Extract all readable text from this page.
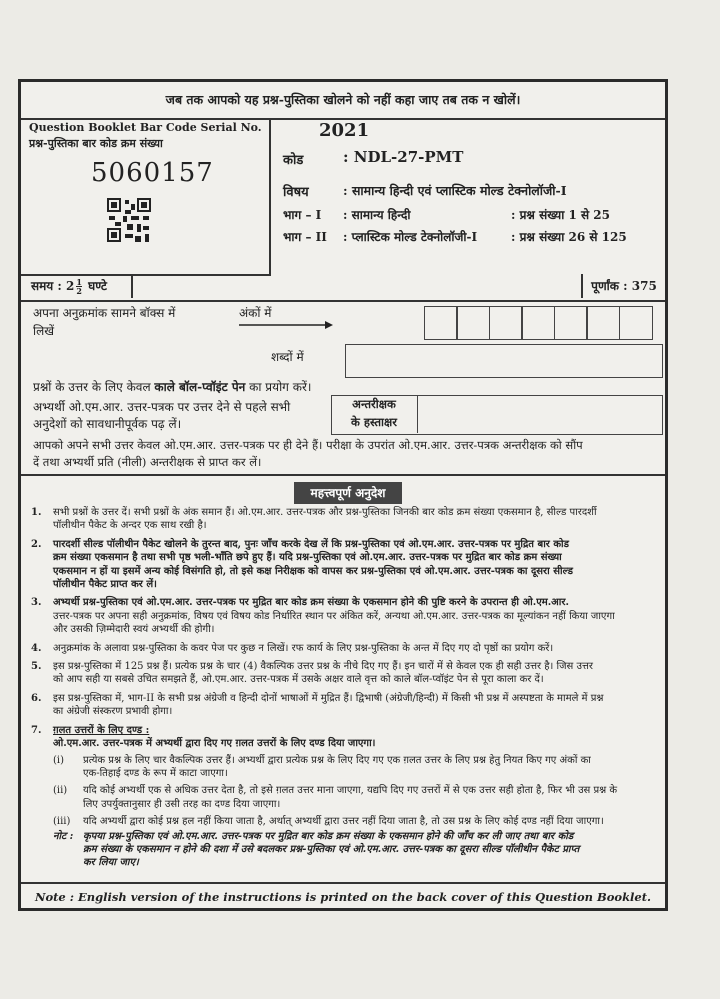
जब तक आपको यह प्रश्न-पुस्तिका खोलने को नहीं कहा जाए तब तक न खोलें।
Question Booklet Bar Code Serial No.
प्रश्न-पुस्तिका बार कोड क्रम संख्या
5060157
2021
कोड	: NDL-27-PMT
विषय	: सामान्य हिन्दी एवं प्लास्टिक मोल्ड टेक्नोलॉजी-I
भाग – I : सामान्य हिन्दी	: प्रश्न संख्या 1 से 25
भाग – II : प्लास्टिक मोल्ड टेक्नोलॉजी-I	: प्रश्न संख्या 26 से 125
समय : $2 \frac{1}{2}$ घण्टे	पूर्णांक : 375
अपना अनुक्रमांक सामने बॉक्स में
लिखें
अंकों में
शब्दों में
प्रश्नों के उत्तर के लिए केवल काले बॉल-प्वॉइंट पेन का प्रयोग करें।
अभ्यर्थी ओ.एम.आर. उत्तर-पत्रक पर उत्तर देने से पहले सभी
अनुदेशों को सावधानीपूर्वक पढ़ लें।
अन्तरीक्षक
के हस्ताक्षर
आपको अपने सभी उत्तर केवल ओ.एम.आर. उत्तर-पत्रक पर ही देने हैं। परीक्षा के उपरांत ओ.एम.आर. उत्तर-पत्रक अन्तरीक्षक को सौंप
दें तथा अभ्यर्थी प्रति (नीली) अन्तरीक्षक से प्राप्त कर लें।
महत्त्वपूर्ण अनुदेश
1. सभी प्रश्नों के उत्तर दें। सभी प्रश्नों के अंक समान हैं। ओ.एम.आर. उत्तर-पत्रक और प्रश्न-पुस्तिका जिनकी बार कोड क्रम संख्या एकसमान है, सील्ड पारदर्शी
पॉलीथीन पैकेट के अन्दर एक साथ रखी है।
2. पारदर्शी सील्ड पॉलीथीन पैकेट खोलने के तुरन्त बाद, पुनः जाँच करके देख लें कि प्रश्न-पुस्तिका एवं ओ.एम.आर. उत्तर-पत्रक पर मुद्रित बार कोड
क्रम संख्या एकसमान है तथा सभी पृष्ठ भली-भाँति छपे हुए हैं। यदि प्रश्न-पुस्तिका एवं ओ.एम.आर. उत्तर-पत्रक पर मुद्रित बार कोड क्रम संख्या
एकसमान न हों या इसमें अन्य कोई विसंगति हो, तो इसे कक्ष निरीक्षक को वापस कर प्रश्न-पुस्तिका एवं ओ.एम.आर. उत्तर-पत्रक का दूसरा सील्ड
पॉलीथीन पैकेट प्राप्त कर लें।
3. अभ्यर्थी प्रश्न-पुस्तिका एवं ओ.एम.आर. उत्तर-पत्रक पर मुद्रित बार कोड क्रम संख्या के एकसमान होने की पुष्टि करने के उपरान्त ही ओ.एम.आर.
उत्तर-पत्रक पर अपना सही अनुक्रमांक, विषय एवं विषय कोड निर्धारित स्थान पर अंकित करें, अन्यथा ओ.एम.आर. उत्तर-पत्रक का मूल्यांकन नहीं किया जाएगा
और उसकी ज़िम्मेदारी स्वयं अभ्यर्थी की होगी।
4. अनुक्रमांक के अलावा प्रश्न-पुस्तिका के कवर पेज पर कुछ न लिखें। रफ कार्य के लिए प्रश्न-पुस्तिका के अन्त में दिए गए दो पृष्ठों का प्रयोग करें।
5. इस प्रश्न-पुस्तिका में 125 प्रश्न हैं। प्रत्येक प्रश्न के चार (4) वैकल्पिक उत्तर प्रश्न के नीचे दिए गए हैं। इन चारों में से केवल एक ही सही उत्तर है। जिस उत्तर
को आप सही या सबसे उचित समझते हैं, ओ.एम.आर. उत्तर-पत्रक में उसके अक्षर वाले वृत्त को काले बॉल-प्वॉइंट पेन से पूरा काला कर दें।
6. इस प्रश्न-पुस्तिका में, भाग-II के सभी प्रश्न अंग्रेजी व हिन्दी दोनों भाषाओं में मुद्रित हैं। द्विभाषी (अंग्रेजी/हिन्दी) में किसी भी प्रश्न में अस्पष्टता के मामले में प्रश्न
का अंग्रेजी संस्करण प्रभावी होगा।
7. ग़लत उत्तरों के लिए दण्ड :
ओ.एम.आर. उत्तर-पत्रक में अभ्यर्थी द्वारा दिए गए ग़लत उत्तरों के लिए दण्ड दिया जाएगा।
(i) प्रत्येक प्रश्न के लिए चार वैकल्पिक उत्तर हैं। अभ्यर्थी द्वारा प्रत्येक प्रश्न के लिए दिए गए एक ग़लत उत्तर के लिए प्रश्न हेतु नियत किए गए अंकों का
एक-तिहाई दण्ड के रूप में काटा जाएगा।
(ii) यदि कोई अभ्यर्थी एक से अधिक उत्तर देता है, तो इसे ग़लत उत्तर माना जाएगा, यद्यपि दिए गए उत्तरों में से एक उत्तर सही होता है, फिर भी उस प्रश्न के
लिए उपर्युक्तानुसार ही उसी तरह का दण्ड दिया जाएगा।
(iii) यदि अभ्यर्थी द्वारा कोई प्रश्न हल नहीं किया जाता है, अर्थात् अभ्यर्थी द्वारा उत्तर नहीं दिया जाता है, तो उस प्रश्न के लिए कोई दण्ड नहीं दिया जाएगा।
नोट : कृपया प्रश्न-पुस्तिका एवं ओ.एम.आर. उत्तर-पत्रक पर मुद्रित बार कोड क्रम संख्या के एकसमान होने की जाँच कर ली जाए तथा बार कोड
क्रम संख्या के एकसमान न होने की दशा में उसे बदलकर प्रश्न-पुस्तिका एवं ओ.एम.आर. उत्तर-पत्रक का दूसरा सील्ड पॉलीथीन पैकेट प्राप्त
कर लिया जाए।
Note : English version of the instructions is printed on the back cover of this Question Booklet.
